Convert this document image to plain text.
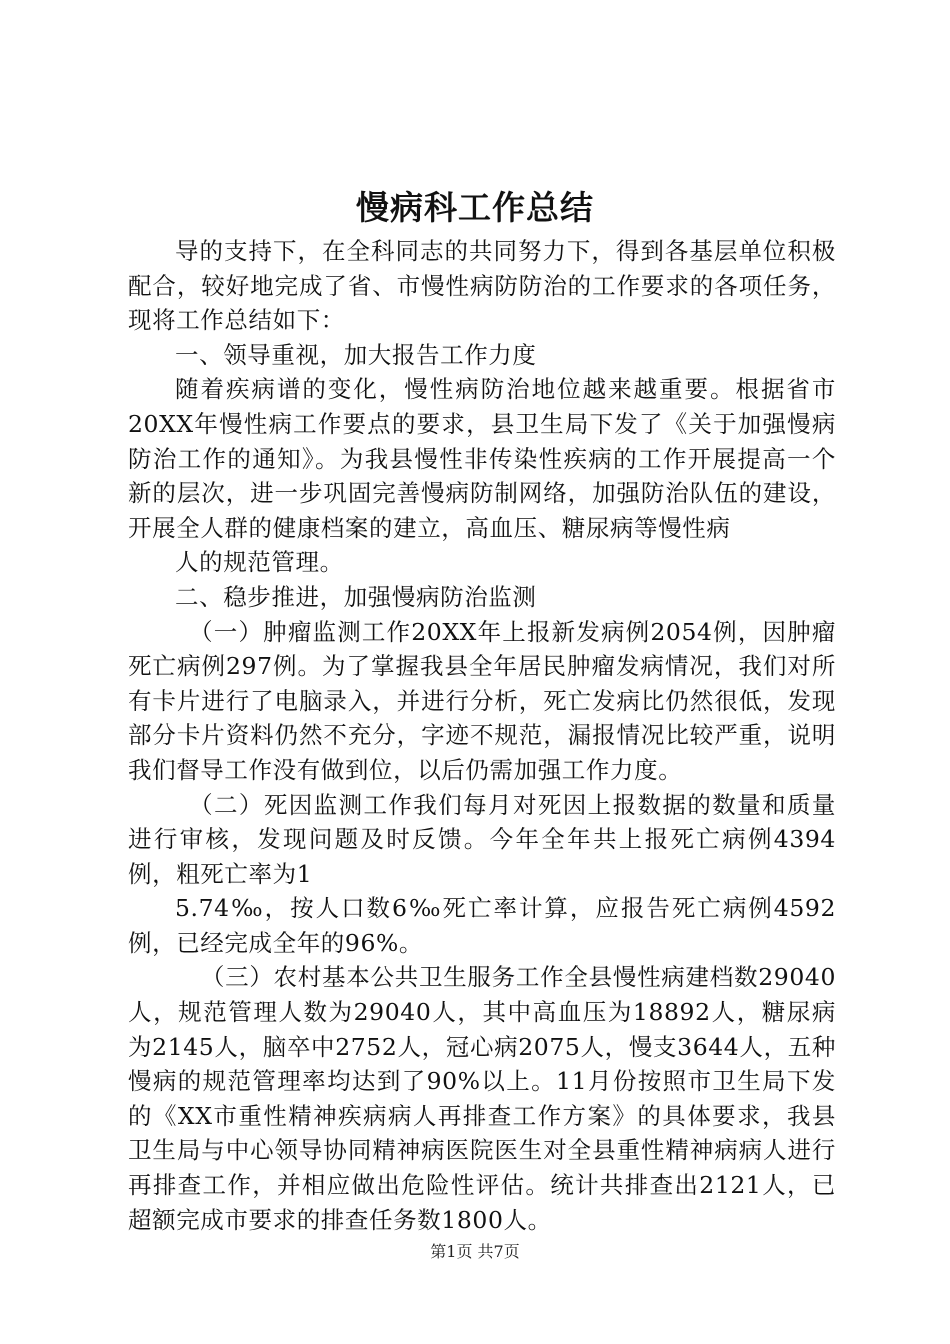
慢病科工作总结

导的支持下，在全科同志的共同努力下，得到各基层单位积极配合，较好地完成了省、市慢性病防防治的工作要求的各项任务，现将工作总结如下：

一、领导重视，加大报告工作力度

随着疾病谱的变化，慢性病防治地位越来越重要。根据省市20XX年慢性病工作要点的要求，县卫生局下发了《关于加强慢病防治工作的通知》。为我县慢性非传染性疾病的工作开展提高一个新的层次，进一步巩固完善慢病防制网络，加强防治队伍的建设，开展全人群的健康档案的建立，高血压、糖尿病等慢性病

人的规范管理。

二、稳步推进，加强慢病防治监测

（一）肿瘤监测工作20XX年上报新发病例2054例，因肿瘤死亡病例297例。为了掌握我县全年居民肿瘤发病情况，我们对所有卡片进行了电脑录入，并进行分析，死亡发病比仍然很低，发现部分卡片资料仍然不充分，字迹不规范，漏报情况比较严重，说明我们督导工作没有做到位，以后仍需加强工作力度。

（二）死因监测工作我们每月对死因上报数据的数量和质量进行审核，发现问题及时反馈。今年全年共上报死亡病例4394例，粗死亡率为1

5.74‰，按人口数6‰死亡率计算，应报告死亡病例4592例，已经完成全年的96%。

（三）农村基本公共卫生服务工作全县慢性病建档数29040人，规范管理人数为29040人，其中高血压为18892人，糖尿病为2145人，脑卒中2752人，冠心病2075人，慢支3644人，五种慢病的规范管理率均达到了90%以上。11月份按照市卫生局下发的《XX市重性精神疾病病人再排查工作方案》的具体要求，我县卫生局与中心领导协同精神病医院医生对全县重性精神病病人进行再排查工作，并相应做出危险性评估。统计共排查出2121人，已超额完成市要求的排查任务数1800人。

第1页 共7页
